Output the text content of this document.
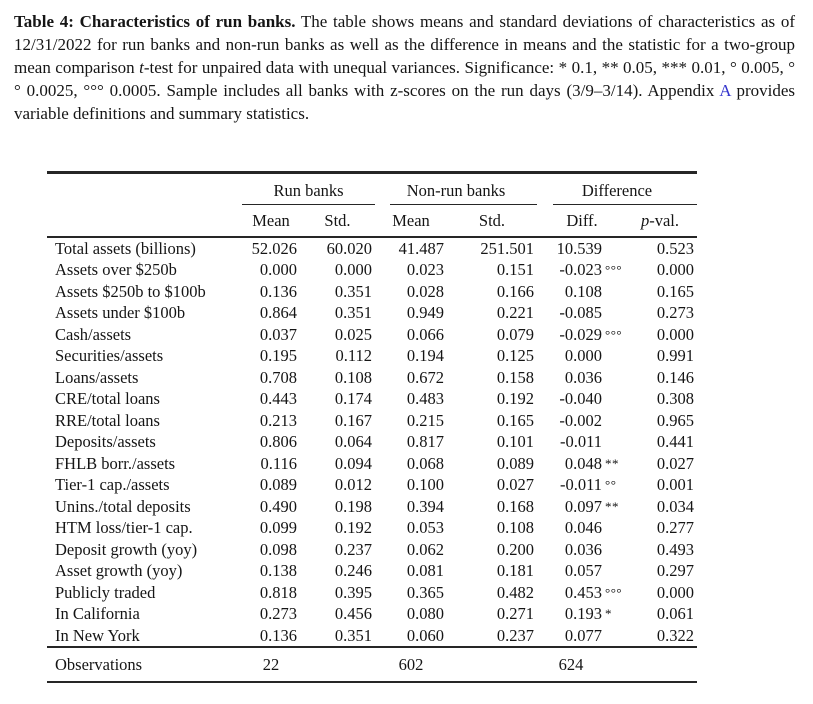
Table 4: Characteristics of run banks. The table shows means and standard deviations of characteristics as of 12/31/2022 for run banks and non-run banks as well as the difference in means and the statistic for a two-group mean comparison t-test for unpaired data with unequal variances. Significance: * 0.1, ** 0.05, *** 0.01, ° 0.005, °° 0.0025, °°° 0.0005. Sample includes all banks with z-scores on the run days (3/9–3/14). Appendix A provides variable definitions and summary statistics.

Run banks	Non-run banks	Difference
Mean	Std.	Mean	Std.	Diff.	p-val.
Total assets (billions)	52.026	60.020	41.487	251.501	10.539	0.523
Assets over $250b	0.000	0.000	0.023	0.151	-0.023 °°°	0.000
Assets $250b to $100b	0.136	0.351	0.028	0.166	0.108	0.165
Assets under $100b	0.864	0.351	0.949	0.221	-0.085	0.273
Cash/assets	0.037	0.025	0.066	0.079	-0.029 °°°	0.000
Securities/assets	0.195	0.112	0.194	0.125	0.000	0.991
Loans/assets	0.708	0.108	0.672	0.158	0.036	0.146
CRE/total loans	0.443	0.174	0.483	0.192	-0.040	0.308
RRE/total loans	0.213	0.167	0.215	0.165	-0.002	0.965
Deposits/assets	0.806	0.064	0.817	0.101	-0.011	0.441
FHLB borr./assets	0.116	0.094	0.068	0.089	0.048 **	0.027
Tier-1 cap./assets	0.089	0.012	0.100	0.027	-0.011 °°	0.001
Unins./total deposits	0.490	0.198	0.394	0.168	0.097 **	0.034
HTM loss/tier-1 cap.	0.099	0.192	0.053	0.108	0.046	0.277
Deposit growth (yoy)	0.098	0.237	0.062	0.200	0.036	0.493
Asset growth (yoy)	0.138	0.246	0.081	0.181	0.057	0.297
Publicly traded	0.818	0.395	0.365	0.482	0.453 °°°	0.000
In California	0.273	0.456	0.080	0.271	0.193 *	0.061
In New York	0.136	0.351	0.060	0.237	0.077	0.322
Observations	22	602	624
